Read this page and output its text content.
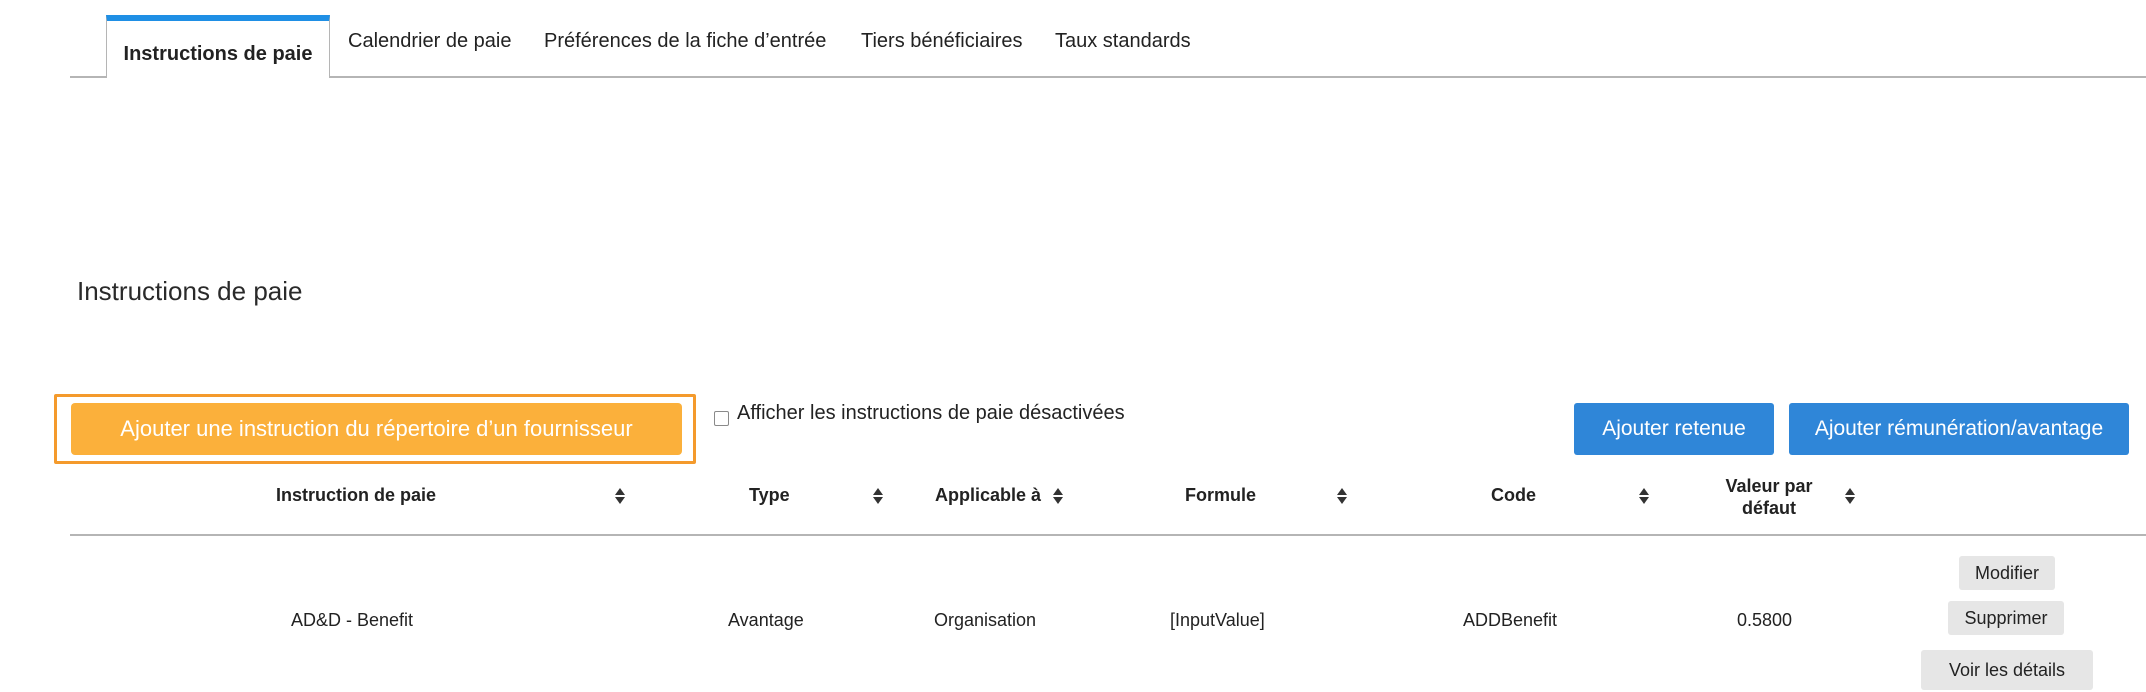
Instructions de paie
Calendrier de paie Préférences de la fiche d’entrée Tiers bénéficiaires Taux standards
Instructions de paie
Ajouter une instruction du répertoire d’un fournisseur
Afficher les instructions de paie désactivées
Ajouter retenue	Ajouter rémunération/avantage
Instruction de paie	Type	Applicable à	Formule	Code	Valeur par défaut
AD&D - Benefit	Avantage	Organisation	[InputValue]	ADDBenefit	0.5800
Modifier
Supprimer
Voir les détails
